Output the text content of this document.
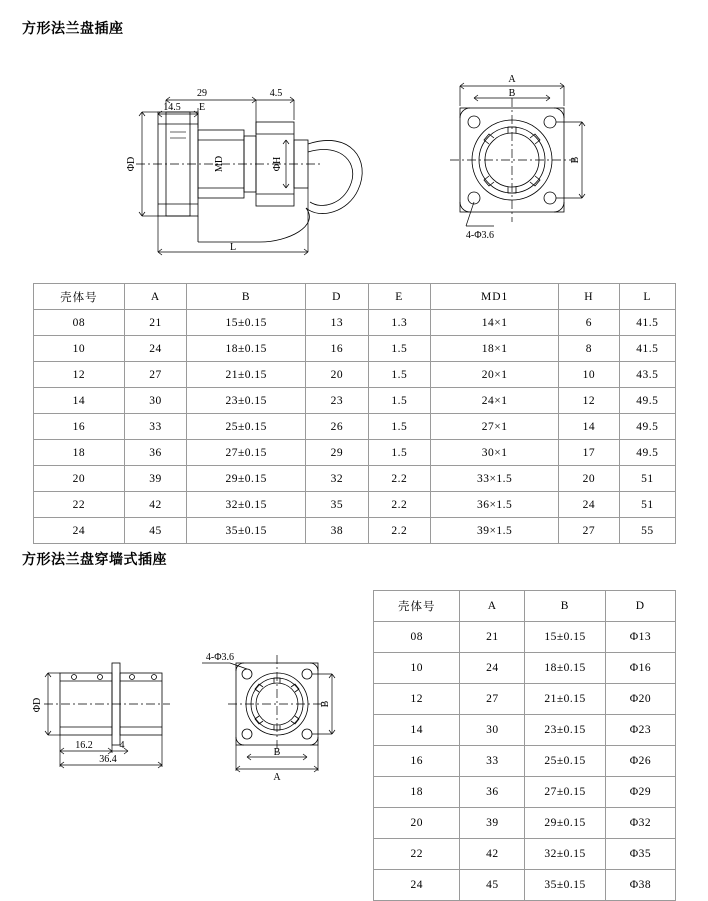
方形法兰盘插座
29	4.5
14.5 E
ΦD	MD	ΦH
L
A
B
B
4-Φ3.6
壳体号	A	B	D	E	MD1	H	L
08	21	15±0.15	13	1.3	14×1	6	41.5
10	24	18±0.15	16	1.5	18×1	8	41.5
12	27	21±0.15	20	1.5	20×1	10	43.5
14	30	23±0.15	23	1.5	24×1	12	49.5
16	33	25±0.15	26	1.5	27×1	14	49.5
18	36	27±0.15	29	1.5	30×1	17	49.5
20	39	29±0.15	32	2.2	33×1.5	20	51
22	42	32±0.15	35	2.2	36×1.5	24	51
24	45	35±0.15	38	2.2	39×1.5	27	55
方形法兰盘穿墙式插座
ΦD
16.2	4
36.4
4-Φ3.6
B
B
A
壳体号	A	B	D
08	21	15±0.15	Φ13
10	24	18±0.15	Φ16
12	27	21±0.15	Φ20
14	30	23±0.15	Φ23
16	33	25±0.15	Φ26
18	36	27±0.15	Φ29
20	39	29±0.15	Φ32
22	42	32±0.15	Φ35
24	45	35±0.15	Φ38
